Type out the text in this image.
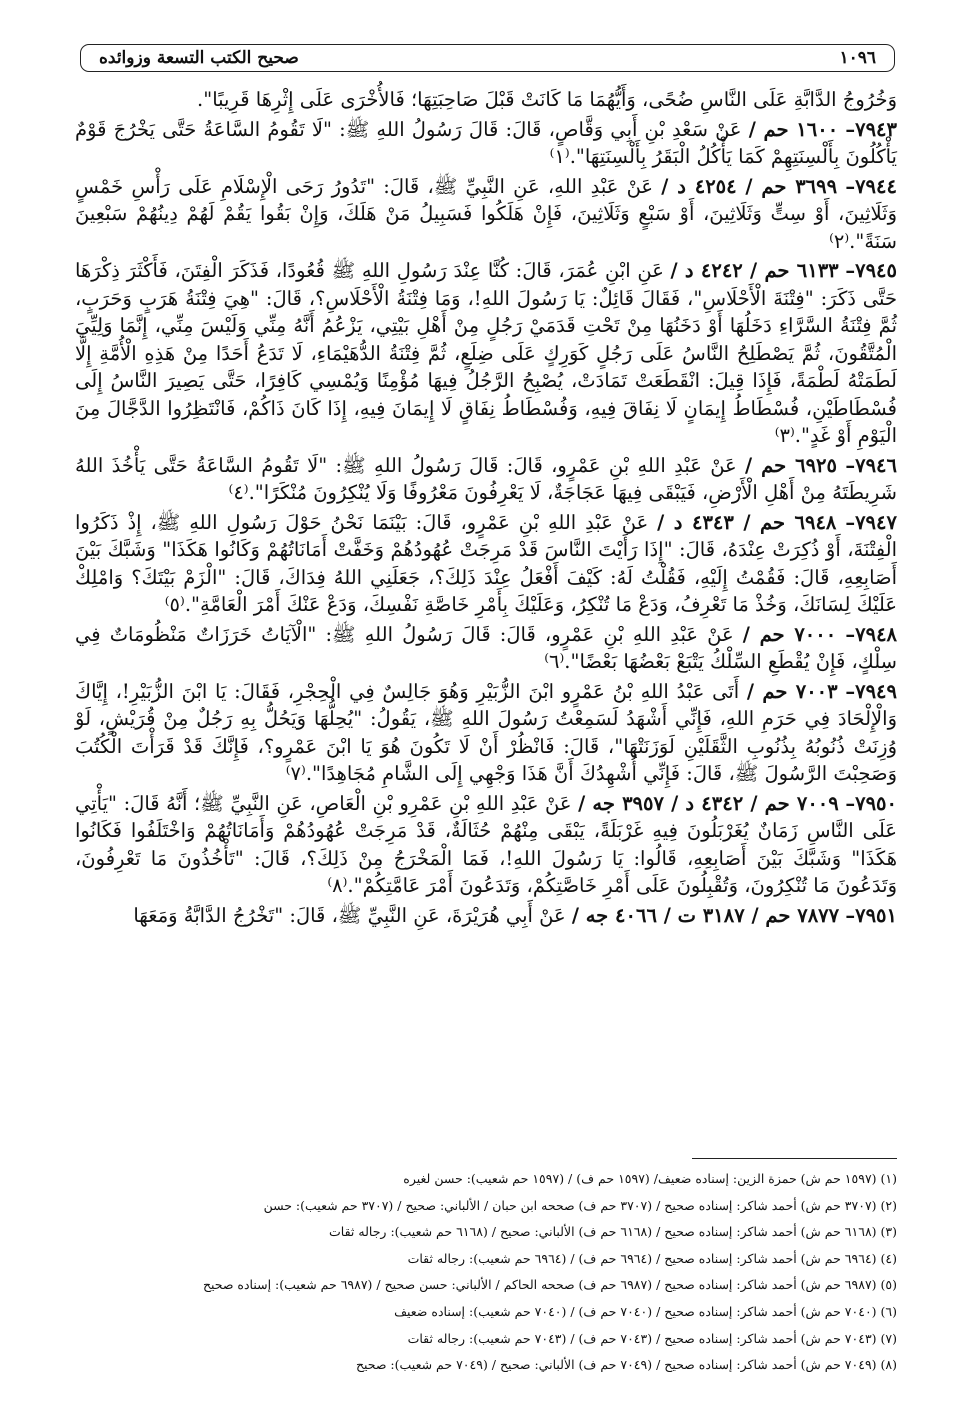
١٠٩٦
صحيح الكتب التسعة وزوائده

وَخُرُوجُ الدَّابَّةِ عَلَى النَّاسِ ضُحًى، وَأَيُّهُمَا مَا كَانَتْ قَبْلَ صَاحِبَتِهَا؛ فَالأُخْرَى عَلَى إِثْرِهَا قَرِيبًا".

٧٩٤٣– ١٦٠٠ حم / عَنْ سَعْدِ بْنِ أَبِي وَقَّاصٍ، قَالَ: قَالَ رَسُولُ اللهِ ﷺ: "لَا تَقُومُ السَّاعَةُ حَتَّى يَخْرُجَ قَوْمٌ يَأْكُلُونَ بِأَلْسِنَتِهِمْ كَمَا يَأْكُلُ الْبَقَرُ بِأَلْسِنَتِهَا".⁽١⁾

٧٩٤٤– ٣٦٩٩ حم / ٤٢٥٤ د / عَنْ عَبْدِ اللهِ، عَنِ النَّبِيِّ ﷺ، قَالَ: "تَدُورُ رَحَى الْإِسْلَامِ عَلَى رَأْسِ خَمْسٍ وَثَلَاثِينَ، أَوْ سِتٍّ وَثَلَاثِينَ، أَوْ سَبْعٍ وَثَلَاثِينَ، فَإِنْ هَلَكُوا فَسَبِيلُ مَنْ هَلَكَ، وَإِنْ بَقُوا يَقُمْ لَهُمْ دِينُهُمْ سَبْعِينَ سَنَةً".⁽٢⁾

٧٩٤٥– ٦١٣٣ حم / ٤٢٤٢ د / عَنِ ابْنِ عُمَرَ، قَالَ: كُنَّا عِنْدَ رَسُولِ اللهِ ﷺ قُعُودًا، فَذَكَرَ الْفِتَنَ، فَأَكْثَرَ ذِكْرَهَا حَتَّى ذَكَرَ: "فِتْنَةَ الْأَحْلَاسِ"، فَقَالَ قَائِلٌ: يَا رَسُولَ اللهِ!، وَمَا فِتْنَةُ الْأَحْلَاسِ؟، قَالَ: "هِيَ فِتْنَةُ هَرَبٍ وَحَرَبٍ، ثُمَّ فِتْنَةُ السَّرَّاءِ دَخَلُهَا أَوْ دَخَنُهَا مِنْ تَحْتِ قَدَمَيْ رَجُلٍ مِنْ أَهْلِ بَيْتِي، يَزْعُمُ أَنَّهُ مِنِّي وَلَيْسَ مِنِّي، إِنَّمَا وَلِيِّيَ الْمُتَّقُونَ، ثُمَّ يَصْطَلِحُ النَّاسُ عَلَى رَجُلٍ كَوَرِكٍ عَلَى ضِلَعٍ، ثُمَّ فِتْنَةُ الدُّهَيْمَاءِ، لَا تَدَعُ أَحَدًا مِنْ هَذِهِ الْأُمَّةِ إِلَّا لَطَمَتْهُ لَطْمَةً، فَإِذَا قِيلَ: انْقَطَعَتْ تَمَادَتْ، يُصْبِحُ الرَّجُلُ فِيهَا مُؤْمِنًا وَيُمْسِي كَافِرًا، حَتَّى يَصِيرَ النَّاسُ إِلَى فُسْطَاطَيْنِ، فُسْطَاطُ إِيمَانٍ لَا نِفَاقَ فِيهِ، وَفُسْطَاطُ نِفَاقٍ لَا إِيمَانَ فِيهِ، إِذَا كَانَ ذَاكُمْ، فَانْتَظِرُوا الدَّجَّالَ مِنَ الْيَوْمِ أَوْ غَدٍ".⁽٣⁾

٧٩٤٦– ٦٩٢٥ حم / عَنْ عَبْدِ اللهِ بْنِ عَمْرٍو، قَالَ: قَالَ رَسُولُ اللهِ ﷺ: "لَا تَقُومُ السَّاعَةُ حَتَّى يَأْخُذَ اللهُ شَرِيطَتَهُ مِنْ أَهْلِ الْأَرْضِ، فَيَبْقَى فِيهَا عَجَاجَةٌ، لَا يَعْرِفُونَ مَعْرُوفًا وَلَا يُنْكِرُونَ مُنْكَرًا".⁽٤⁾

٧٩٤٧– ٦٩٤٨ حم / ٤٣٤٣ د / عَنْ عَبْدِ اللهِ بْنِ عَمْرٍو، قَالَ: بَيْنَمَا نَحْنُ حَوْلَ رَسُولِ اللهِ ﷺ، إِذْ ذَكَرُوا الْفِتْنَةَ، أَوْ ذُكِرَتْ عِنْدَهُ، قَالَ: "إِذَا رَأَيْتَ النَّاسَ قَدْ مَرِجَتْ عُهُودُهُمْ وَخَفَّتْ أَمَانَاتُهُمْ وَكَانُوا هَكَذَا" وَشَبَّكَ بَيْنَ أَصَابِعِهِ، قَالَ: فَقُمْتُ إِلَيْهِ، فَقُلْتُ لَهُ: كَيْفَ أَفْعَلُ عِنْدَ ذَلِكَ؟، جَعَلَنِي اللهُ فِدَاكَ، قَالَ: "الْزَمْ بَيْتَكَ؟ وَامْلِكْ عَلَيْكَ لِسَانَكَ، وَخُذْ مَا تَعْرِفُ، وَدَعْ مَا تُنْكِرُ، وَعَلَيْكَ بِأَمْرِ خَاصَّةِ نَفْسِكَ، وَدَعْ عَنْكَ أَمْرَ الْعَامَّةِ".⁽٥⁾

٧٩٤٨– ٧٠٠٠ حم / عَنْ عَبْدِ اللهِ بْنِ عَمْرٍو، قَالَ: قَالَ رَسُولُ اللهِ ﷺ: "الْآيَاتُ خَرَزَاتٌ مَنْظُومَاتٌ فِي سِلْكٍ، فَإِنْ يُقْطَعِ السِّلْكُ يَتْبَعْ بَعْضُهَا بَعْضًا".⁽٦⁾

٧٩٤٩– ٧٠٠٣ حم / أَتَى عَبْدُ اللهِ بْنُ عَمْرٍو ابْنَ الزُّبَيْرِ وَهُوَ جَالِسٌ فِي الْحِجْرِ، فَقَالَ: يَا ابْنَ الزُّبَيْرِ!، إِيَّاكَ وَالْإِلْحَادَ فِي حَرَمِ اللهِ، فَإِنِّي أَشْهَدُ لَسَمِعْتُ رَسُولَ اللهِ ﷺ، يَقُولُ: "يُحِلُّهَا وَيَحُلُّ بِهِ رَجُلٌ مِنْ قُرَيْشٍ، لَوْ وُزِنَتْ ذُنُوبُهُ بِذُنُوبِ الثَّقَلَيْنِ لَوَزَنَتْهَا"، قَالَ: فَانْظُرْ أَنْ لَا تَكُونَ هُوَ يَا ابْنَ عَمْرٍو؟، فَإِنَّكَ قَدْ قَرَأْتَ الْكُتُبَ وَصَحِبْتَ الرَّسُولَ ﷺ، قَالَ: فَإِنِّي أُشْهِدُكَ أَنَّ هَذَا وَجْهِي إِلَى الشَّامِ مُجَاهِدًا".⁽٧⁾

٧٩٥٠– ٧٠٠٩ حم / ٤٣٤٢ د / ٣٩٥٧ جه / عَنْ عَبْدِ اللهِ بْنِ عَمْرِو بْنِ الْعَاصِ، عَنِ النَّبِيِّ ﷺ؛ أَنَّهُ قَالَ: "يَأْتِي عَلَى النَّاسِ زَمَانٌ يُغَرْبَلُونَ فِيهِ غَرْبَلَةً، يَبْقَى مِنْهُمْ حُثَالَةٌ، قَدْ مَرِجَتْ عُهُودُهُمْ وَأَمَانَاتُهُمْ وَاخْتَلَفُوا فَكَانُوا هَكَذَا" وَشَبَّكَ بَيْنَ أَصَابِعِهِ، قَالُوا: يَا رَسُولَ اللهِ!، فَمَا الْمَخْرَجُ مِنْ ذَلِكَ؟، قَالَ: "تَأْخُذُونَ مَا تَعْرِفُونَ، وَتَدَعُونَ مَا تُنْكِرُونَ، وَتُقْبِلُونَ عَلَى أَمْرِ خَاصَّتِكُمْ، وَتَدَعُونَ أَمْرَ عَامَّتِكُمْ".⁽٨⁾

٧٩٥١– ٧٨٧٧ حم / ٣١٨٧ ت / ٤٠٦٦ جه / عَنْ أَبِي هُرَيْرَةَ، عَنِ النَّبِيِّ ﷺ، قَالَ: "تَخْرُجُ الدَّابَّةُ وَمَعَهَا

(١) (١٥٩٧ حم ش) حمزة الزين: إسناده ضعيف/ (١٥٩٧ حم ف) / (١٥٩٧ حم شعيب): حسن لغيره
(٢) (٣٧٠٧ حم ش) أحمد شاكر: إسناده صحيح / (٣٧٠٧ حم ف) صححه ابن حبان / الألباني: صحيح / (٣٧٠٧ حم شعيب): حسن
(٣) (٦١٦٨ حم ش) أحمد شاكر: إسناده صحيح / (٦١٦٨ حم ف) الألباني: صحيح / (٦١٦٨ حم شعيب): رجاله ثقات
(٤) (٦٩٦٤ حم ش) أحمد شاكر: إسناده صحيح / (٦٩٦٤ حم ف) / (٦٩٦٤ حم شعيب): رجاله ثقات
(٥) (٦٩٨٧ حم ش) أحمد شاكر: إسناده صحيح / (٦٩٨٧ حم ف) صححه الحاكم / الألباني: حسن صحيح / (٦٩٨٧ حم شعيب): إسناده صحيح
(٦) (٧٠٤٠ حم ش) أحمد شاكر: إسناده صحيح / (٧٠٤٠ حم ف) / (٧٠٤٠ حم شعيب): إسناده ضعيف
(٧) (٧٠٤٣ حم ش) أحمد شاكر: إسناده صحيح / (٧٠٤٣ حم ف) / (٧٠٤٣ حم شعيب): رجاله ثقات
(٨) (٧٠٤٩ حم ش) أحمد شاكر: إسناده صحيح / (٧٠٤٩ حم ف) الألباني: صحيح / (٧٠٤٩ حم شعيب): صحيح
